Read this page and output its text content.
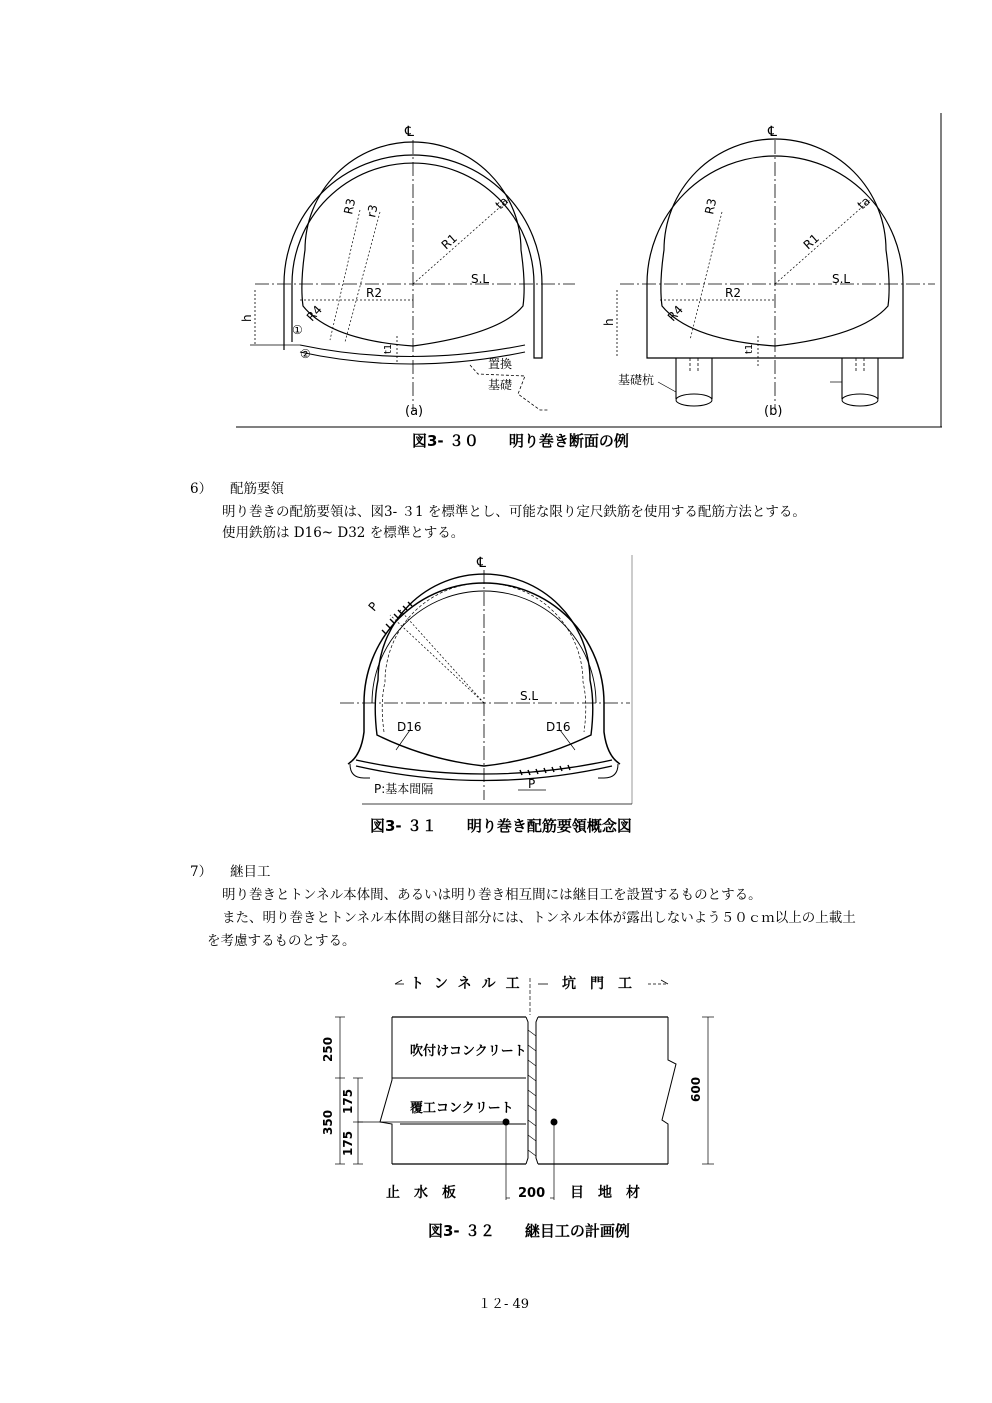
℄
R3 r3	ta
R1
S.L
R2
h	R4
t1
①
②
置換
基礎
(a)
℄
R3	ta
R1
S.L
R2
h	R4
t1
基礎杭
(b)
図3- ３０　　明り巻き断面の例
6） 配筋要領
明り巻きの配筋要領は、図3- ３1 を標準とし、可能な限り定尺鉄筋を使用する配筋方法とする。
使用鉄筋は D16~ D32 を標準とする。
℄
P
S.L
D16	D16
P:基本間隔	P
図3- ３１　　明り巻き配筋要領概念図
7） 継目工
明り巻きとトンネル本体間、あるいは明り巻き相互間には継目工を設置するものとする。
また、明り巻きとトンネル本体間の継目部分には、トンネル本体が露出しないよう５０ｃｍ以上の上載土
を考慮するものとする。
トンネル工 坑　門　工
吹付けコンクリート
覆工コンクリート
250
175
350
175
600
止　水　板	200 目　地　材
図3- ３２　　継目工の計画例
１２- 49
